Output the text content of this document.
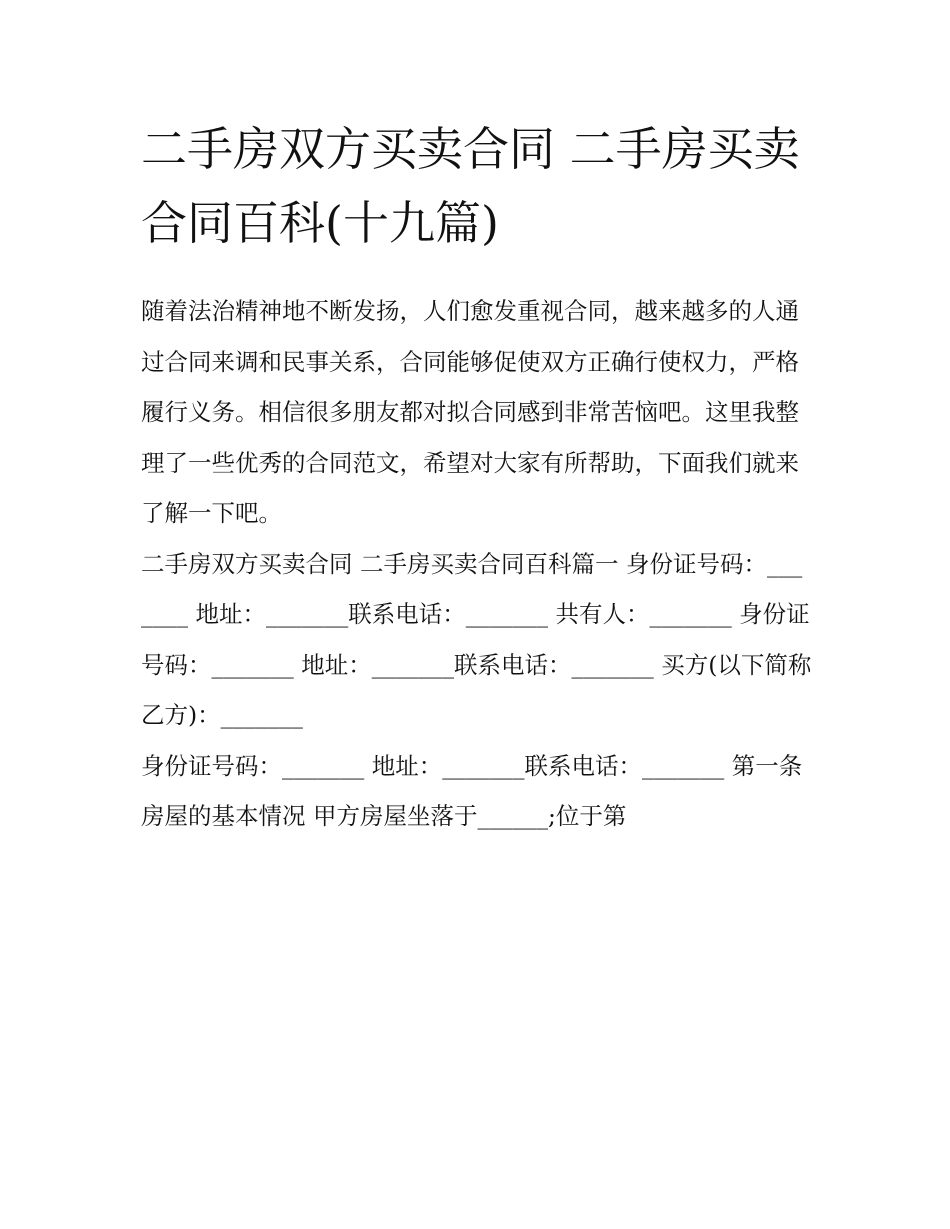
二手房双方买卖合同 二手房买卖合同百科(十九篇)

随着法治精神地不断发扬，人们愈发重视合同，越来越多的人通过合同来调和民事关系，合同能够促使双方正确行使权力，严格履行义务。相信很多朋友都对拟合同感到非常苦恼吧。这里我整理了一些优秀的合同范文，希望对大家有所帮助，下面我们就来了解一下吧。

二手房双方买卖合同 二手房买卖合同百科篇一 身份证号码：_______ 地址：_______联系电话：_______ 共有人：_______ 身份证号码：_______ 地址：_______联系电话：_______ 买方(以下简称乙方)：_______

身份证号码：_______ 地址：_______联系电话：_______ 第一条房屋的基本情况 甲方房屋坐落于______;位于第
